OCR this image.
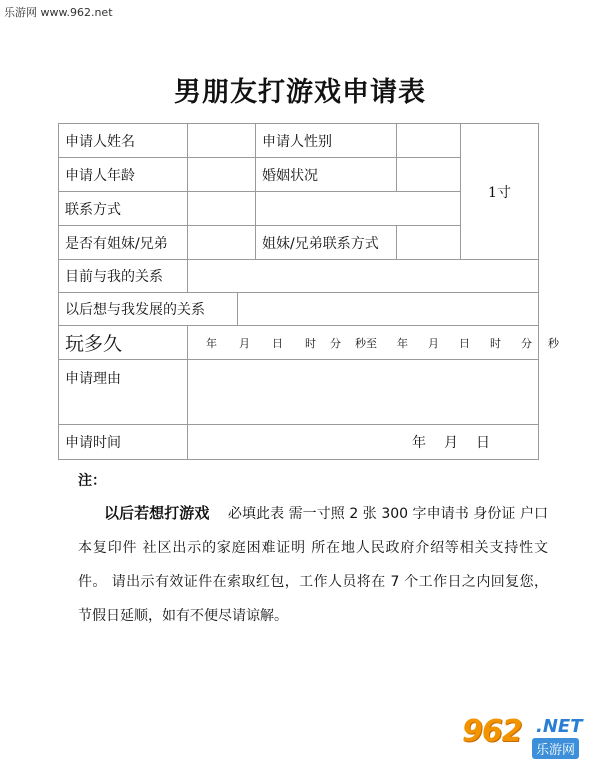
乐游网 www.962.net
男朋友打游戏申请表
申请人姓名	申请人性别
1寸
申请人年龄	婚姻状况
联系方式
是否有姐妹/兄弟	姐妹/兄弟联系方式
目前与我的关系
以后想与我发展的关系
玩多久	年 月 日 时 分 秒至 年 月 日 时 分 秒
申请理由
申请时间	年 月 日
注：
以后若想打游戏 必填此表 需一寸照 2 张 300 字申请书 身份证 户口本复印件 社区出示的家庭困难证明 所在地人民政府介绍等相关支持性文件。 请出示有效证件在索取红包，工作人员将在 7 个工作日之内回复您，节假日延顺，如有不便尽请谅解。
962 .NET
乐游网
